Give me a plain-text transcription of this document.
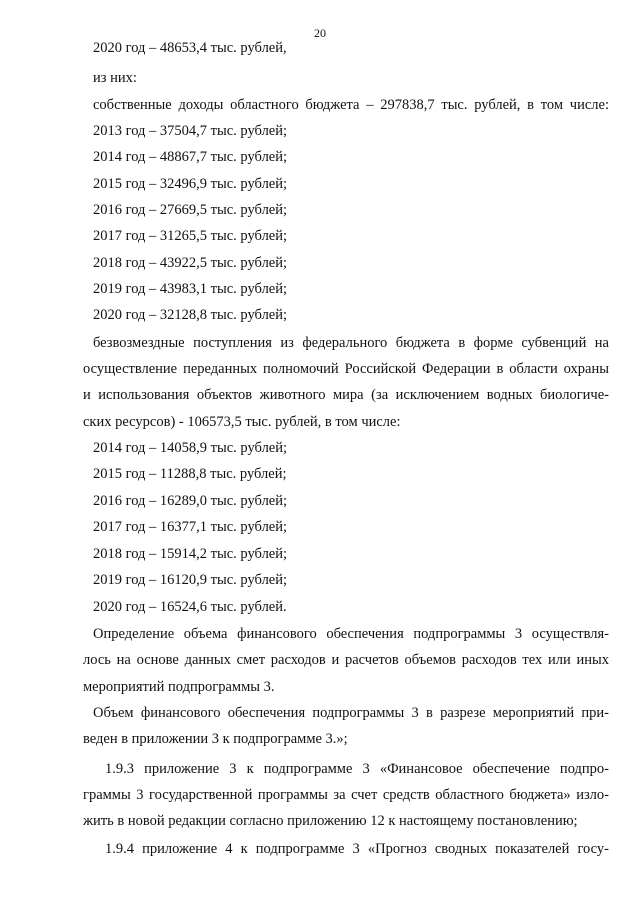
20
2020 год – 48653,4 тыс. рублей,
из них:
собственные доходы областного бюджета – 297838,7 тыс. рублей, в том числе:
2013 год – 37504,7 тыс. рублей;
2014 год – 48867,7 тыс. рублей;
2015 год – 32496,9 тыс. рублей;
2016 год – 27669,5 тыс. рублей;
2017 год – 31265,5 тыс. рублей;
2018 год – 43922,5 тыс. рублей;
2019 год – 43983,1 тыс. рублей;
2020 год – 32128,8 тыс. рублей;
безвозмездные поступления из федерального бюджета в форме субвенций на
осуществление переданных полномочий Российской Федерации в области охраны
и использования объектов животного мира (за исключением водных биологиче-
ских ресурсов) - 106573,5 тыс. рублей, в том числе:
2014 год – 14058,9 тыс. рублей;
2015 год – 11288,8 тыс. рублей;
2016 год – 16289,0 тыс. рублей;
2017 год – 16377,1 тыс. рублей;
2018 год – 15914,2 тыс. рублей;
2019 год – 16120,9 тыс. рублей;
2020 год – 16524,6 тыс. рублей.
Определение объема финансового обеспечения подпрограммы 3 осуществля-
лось на основе данных смет расходов и расчетов объемов расходов тех или иных
мероприятий подпрограммы 3.
Объем финансового обеспечения подпрограммы 3 в разрезе мероприятий при-
веден в приложении 3 к подпрограмме 3.»;
1.9.3 приложение 3 к подпрограмме 3 «Финансовое обеспечение подпро-
граммы 3 государственной программы за счет средств областного бюджета» излo-
жить в новой редакции согласно приложению 12 к настоящему постановлению;
1.9.4 приложение 4 к подпрограмме 3 «Прогноз сводных показателей госу-
